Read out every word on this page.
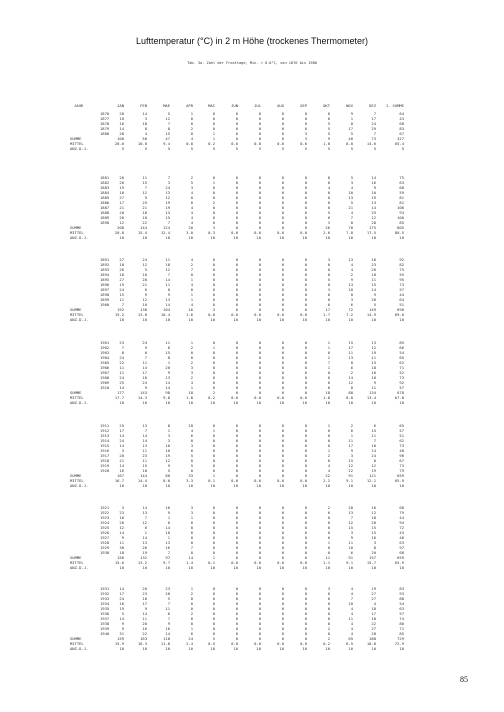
Lufttemperatur (°C) in 2 m Höhe (trockenes Thermometer)
Tab. 3a. Zahl der Frosttage, Min. < 0.0°C, von 1876 bis 1980
JAHR	JAN	FEB	MAE	APR	MAI	JUN	JUL	AUG	SEP	OKT	NOV	DEZ	J. SUMME
1876	28	14	5	1	0	0	0	0	0	0	9	7	64
1877	10	3	12	0	0	0	0	0	0	0	1	17	43
1878	16	18	7	0	0	0	0	0	0	5	8	24	68
1879	14	8	8	2	0	0	0	0	0	5	17	29	83
1880	28	4	15	0	1	0	0	0	3	5	5	7	67
SUMME	100	50	47	4	1	0	0	0	3	9	40	73	327
MITTEL	20.0	10.0	9.4	0.8	0.2	0.0	0.0	0.0	0.6	1.8	8.0	14.6	65.4
ANZ.D.J.	5	5	5	5	5	5	5	5	5	5	5	5	5
1881	26	11	7	2	0	0	0	0	0	8	5	14	75
1882	20	15	3	5	1	0	0	0	0	0	3	16	63
1883	19	7	24	3	0	0	0	0	0	4	4	9	68
1884	10	12	13	4	0	0	0	0	0	0	10	10	59
1885	27	9	12	0	0	0	0	0	0	0	13	19	81
1886	17	25	19	0	2	0	0	0	0	0	5	13	81
1887	21	21	19	4	0	0	0	0	0	0	21	14	106
1888	20	18	13	4	0	0	0	0	0	5	4	25	93
1889	26	18	15	4	0	0	0	0	0	0	7	12	100
1890	12	22	7	4	0	0	0	0	0	3	8	28	85
SUMME	208	144	124	20	3	0	0	0	0	26	78	175	805
MITTEL	20.8	15.4	12.4	3.0	0.3	0.0	0.0	0.0	0.0	2.6	7.8	17.5	80.5
ANZ.D.J.	10	10	10	10	10	10	10	10	10	10	10	10	10
1891	27	24	11	4	0	0	0	0	0	3	13	10	92
1892	18	12	18	2	0	0	0	0	0	0	4	23	82
1893	26	5	12	7	0	0	0	0	0	0	4	20	75
1894	18	10	7	0	0	0	0	0	0	0	2	18	55
1895	27	28	14	1	0	0	0	0	0	5	9	11	95
1896	19	21	11	4	0	0	0	0	0	0	13	15	73
1897	24	6	0	0	0	0	0	0	0	3	10	14	57
1898	15	9	9	1	0	0	0	0	0	0	0	9	44
1899	11	12	13	1	0	0	0	0	0	0	3	20	64
1900	7	10	14	4	0	0	0	0	0	0	6	5	51
SUMME	192	138	104	16	3	0	0	0	0	17	72	149	690
MITTEL	19.2	13.8	10.4	1.6	0.0	0.0	0.0	0.0	0.0	1.7	7.2	14.9	69.0
ANZ.D.J.	10	10	10	10	10	10	10	10	10	10	10	10	10
1901	23	24	11	1	0	0	0	0	0	1	15	13	85
1902	7	9	8	2	1	0	0	0	0	1	17	12	66
1903	8	0	15	0	0	0	0	0	0	0	11	19	54
1904	24	7	8	0	0	0	0	0	0	2	13	11	65
1905	22	11	1	2	0	0	0	0	0	7	8	13	62
1906	11	14	20	3	0	0	0	0	0	1	6	18	71
1907	11	17	9	3	0	0	0	0	0	0	2	10	52
1908	24	10	13	2	0	0	0	0	0	0	14	10	73
1909	25	24	14	4	0	0	0	0	0	0	12	9	92
1910	14	9	14	1	0	0	0	0	0	0	8	11	57
SUMME	177	143	98	18	2	0	0	0	0	18	88	134	678
MITTEL	17.7	14.3	9.8	1.8	0.2	0.0	0.0	0.0	0.0	1.8	8.8	13.4	67.8
ANZ.D.J.	10	10	10	10	10	10	10	10	10	10	10	10	10
1911	25	13	8	10	0	0	0	0	0	1	2	6	65
1912	17	7	1	4	1	0	0	0	0	0	6	15	57
1913	14	14	3	6	0	0	0	0	0	0	1	11	51
1914	24	14	3	0	0	0	0	0	0	0	11	7	62
1915	14	13	10	3	0	0	0	0	0	0	17	10	73
1916	3	11	10	0	0	0	0	0	0	1	9	14	48
1917	20	23	19	5	0	0	0	0	0	2	3	24	96
1918	21	11	12	0	0	0	0	0	0	0	15	8	67
1919	14	15	9	5	0	0	0	0	0	4	12	12	73
1920	16	18	5	0	0	0	0	0	0	4	22	19	79
SUMME	167	144	80	33	1	0	0	0	0	22	91	121	659
MITTEL	16.7	14.4	8.0	3.3	0.1	0.0	0.0	0.0	0.0	2.2	9.1	12.1	65.9
ANZ.D.J.	10	10	10	10	10	10	10	10	10	10	10	10	10
1921	3	14	10	3	0	0	0	0	0	2	20	16	68
1922	23	13	9	3	0	0	0	0	0	6	13	12	79
1923	10	7	1	1	0	0	0	0	0	0	7	18	44
1924	26	12	6	0	0	0	0	0	0	0	12	20	94
1925	12	6	14	0	0	0	0	0	0	0	15	15	72
1926	14	1	10	0	0	0	0	0	0	0	3	15	43
1927	9	14	1	0	0	0	0	0	0	0	9	16	48
1928	11	13	13	0	0	0	0	0	0	1	11	3	63
1929	30	26	16	7	0	0	0	0	0	0	10	8	97
1930	18	19	7	0	0	0	0	0	0	0	6	20	68
SUMME	156	132	97	14	1	0	0	0	0	11	91	157	659
MITTEL	15.6	13.2	9.7	1.4	0.1	0.0	0.0	0.0	0.0	1.1	9.1	15.7	65.9
ANZ.D.J.	10	10	10	10	10	10	10	10	10	10	10	10	10
1931	14	20	23	1	0	0	0	0	0	3	4	19	83
1932	17	23	20	2	0	0	0	0	0	0	4	27	93
1933	24	18	5	0	0	0	0	0	0	0	7	27	88
1934	16	17	7	0	0	0	0	0	0	0	10	4	54
1935	19	9	11	0	0	0	0	0	0	0	4	18	63
1936	5	14	6	2	0	0	0	0	0	0	4	17	57
1937	14	11	7	0	0	0	0	0	0	0	11	18	74
1938	9	20	9	0	0	0	0	0	0	0	4	22	80
1939	9	16	16	1	0	0	0	0	0	2	4	27	71
1940	31	22	14	6	0	0	0	0	0	0	4	28	85
SUMME	159	163	118	24	5	0	0	0	0	2	65	188	729
MITTEL	15.9	16.3	11.8	2.4	0.5	0.0	0.0	0.0	0.0	0.2	6.5	18.8	72.9
ANZ.D.J.	10	10	10	10	10	10	10	10	10	10	10	10	10
85
